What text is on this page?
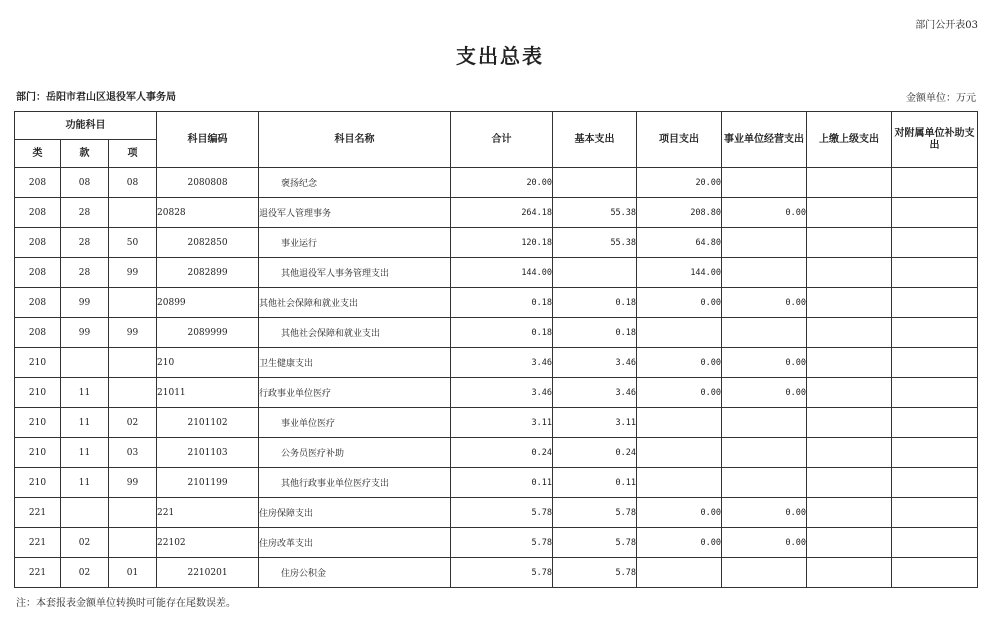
部门公开表03
支出总表
部门：岳阳市君山区退役军人事务局	金额单位：万元
功能科目			科目编码	科目名称	合计	基本支出	项目支出	事业单位经营支出	上缴上级支出	对附属单位补助支出
类	款	项								
208	08	08	2080808	褒扬纪念	20.00		20.00			
208	28		20828	退役军人管理事务	264.18	55.38	208.80	0.00		
208	28	50	2082850	事业运行	120.18	55.38	64.80			
208	28	99	2082899	其他退役军人事务管理支出	144.00		144.00			
208	99		20899	其他社会保障和就业支出	0.18	0.18	0.00	0.00		
208	99	99	2089999	其他社会保障和就业支出	0.18	0.18				
210			210	卫生健康支出	3.46	3.46	0.00	0.00		
210	11		21011	行政事业单位医疗	3.46	3.46	0.00	0.00		
210	11	02	2101102	事业单位医疗	3.11	3.11				
210	11	03	2101103	公务员医疗补助	0.24	0.24				
210	11	99	2101199	其他行政事业单位医疗支出	0.11	0.11				
221			221	住房保障支出	5.78	5.78	0.00	0.00		
221	02		22102	住房改革支出	5.78	5.78	0.00	0.00		
221	02	01	2210201	住房公积金	5.78	5.78				
注：本套报表金额单位转换时可能存在尾数误差。
